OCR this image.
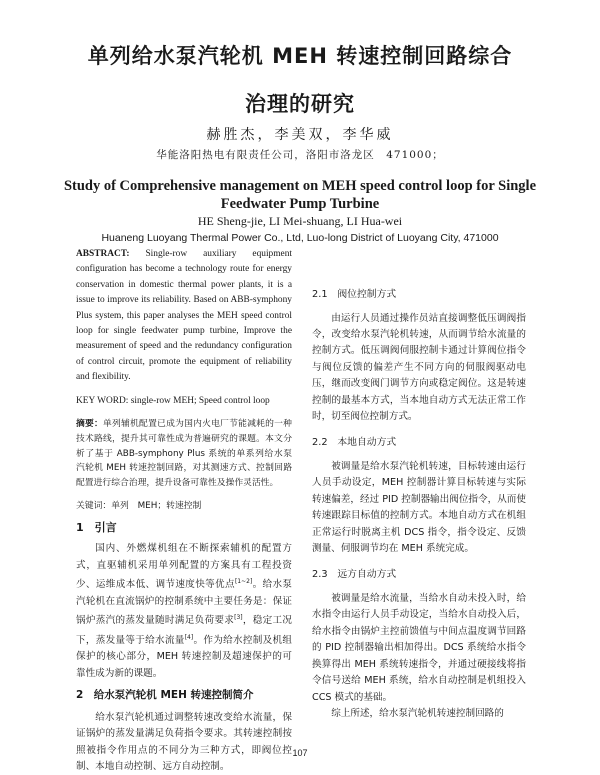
单列给水泵汽轮机 MEH 转速控制回路综合
治理的研究
赫胜杰，李美双，李华威
华能洛阳热电有限责任公司，洛阳市洛龙区　471000；
Study of Comprehensive management on MEH speed control loop for Single
Feedwater Pump Turbine
HE Sheng-jie, LI Mei-shuang, LI Hua-wei
Huaneng Luoyang Thermal Power Co., Ltd, Luo-long District of Luoyang City, 471000

ABSTRACT: Single-row auxiliary equipment configuration has become a technology route for energy conservation in domestic thermal power plants, it is a issue to improve its reliability. Based on ABB-symphony Plus system, this paper analyses the MEH speed control loop for single feedwater pump turbine, Improve the measurement of speed and the redundancy configuration of control circuit, promote the equipment of reliability and flexibility.

KEY WORD: single-row MEH; Speed control loop

摘要：单列辅机配置已成为国内火电厂节能减耗的一种技术路线，提升其可靠性成为普遍研究的课题。本文分析了基于 ABB-symphony Plus 系统的单系列给水泵汽轮机 MEH 转速控制回路，对其测速方式、控制回路配置进行综合治理，提升设备可靠性及操作灵活性。

关键词：单列　MEH；转速控制

1　引言

国内、外燃煤机组在不断探索辅机的配置方式，直驱辅机采用单列配置的方案具有工程投资少、运维成本低、调节速度快等优点[1~2]。给水泵汽轮机在直流锅炉的控制系统中主要任务是：保证锅炉蒸汽的蒸发量随时满足负荷要求[3]，稳定工况下，蒸发量等于给水流量[4]。作为给水控制及机组保护的核心部分，MEH 转速控制及超速保护的可靠性成为新的课题。

2　给水泵汽轮机 MEH 转速控制简介

给水泵汽轮机通过调整转速改变给水流量，保证锅炉的蒸发量满足负荷指令要求。其转速控制按照被指令作用点的不同分为三种方式，即阀位控制、本地自动控制、远方自动控制。

2.1　阀位控制方式

由运行人员通过操作员站直接调整低压调阀指令，改变给水泵汽轮机转速，从而调节给水流量的控制方式。低压调阀伺服控制卡通过计算阀位指令与阀位反馈的偏差产生不同方向的伺服阀驱动电压，继而改变阀门调节方向或稳定阀位。这是转速控制的最基本方式，当本地自动方式无法正常工作时，切至阀位控制方式。

2.2　本地自动方式

被调量是给水泵汽轮机转速，目标转速由运行人员手动设定，MEH 控制器计算目标转速与实际转速偏差，经过 PID 控制器输出阀位指令，从而使转速跟踪目标值的控制方式。本地自动方式在机组正常运行时脱离主机 DCS 指令，指令设定、反馈测量、伺服调节均在 MEH 系统完成。

2.3　远方自动方式

被调量是给水流量，当给水自动未投入时，给水指令由运行人员手动设定，当给水自动投入后，给水指令由锅炉主控前馈值与中间点温度调节回路的 PID 控制器输出相加得出。DCS 系统给水指令换算得出 MEH 系统转速指令，并通过硬接线将指令信号送给 MEH 系统，给水自动控制是机组投入 CCS 模式的基础。

综上所述，给水泵汽轮机转速控制回路的

107
